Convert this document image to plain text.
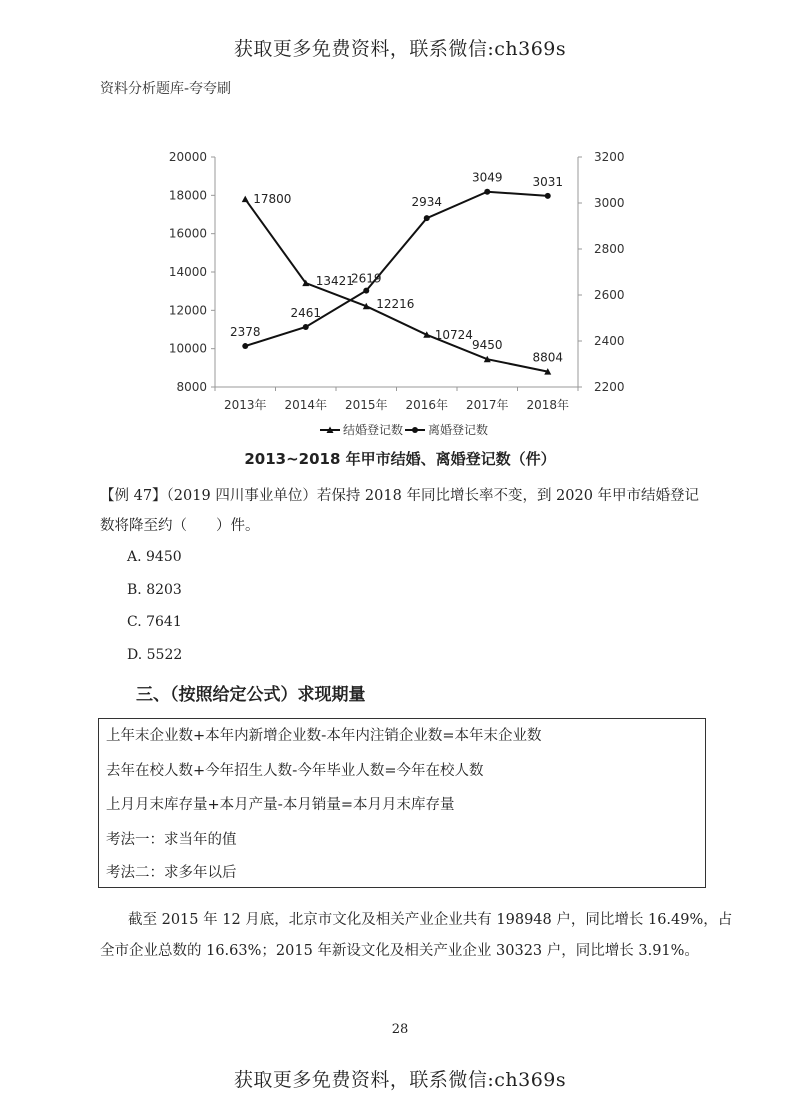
获取更多免费资料，联系微信:ch369s
资料分析题库-夸夸刷
8000
10000
12000
14000
16000
18000
20000
2200
2400
2600
2800
3000
3200
2013年 2014年 2015年 2016年 2017年 2018年
17800
13421
12216
10724
9450
8804
2378
2461
2619
2934
3049 3031
结婚登记数 离婚登记数
2013~2018 年甲市结婚、离婚登记数（件）
【例 47】（2019 四川事业单位）若保持 2018 年同比增长率不变，到 2020 年甲市结婚登记
数将降至约（　　）件。
A. 9450
B. 8203
C. 7641
D. 5522
三、（按照给定公式）求现期量
上年末企业数+本年内新增企业数-本年内注销企业数=本年末企业数
去年在校人数+今年招生人数-今年毕业人数=今年在校人数
上月月末库存量+本月产量-本月销量=本月月末库存量
考法一：求当年的值
考法二：求多年以后
截至 2015 年 12 月底，北京市文化及相关产业企业共有 198948 户，同比增长 16.49%，占
全市企业总数的 16.63%；2015 年新设文化及相关产业企业 30323 户，同比增长 3.91%。
28
获取更多免费资料，联系微信:ch369s
